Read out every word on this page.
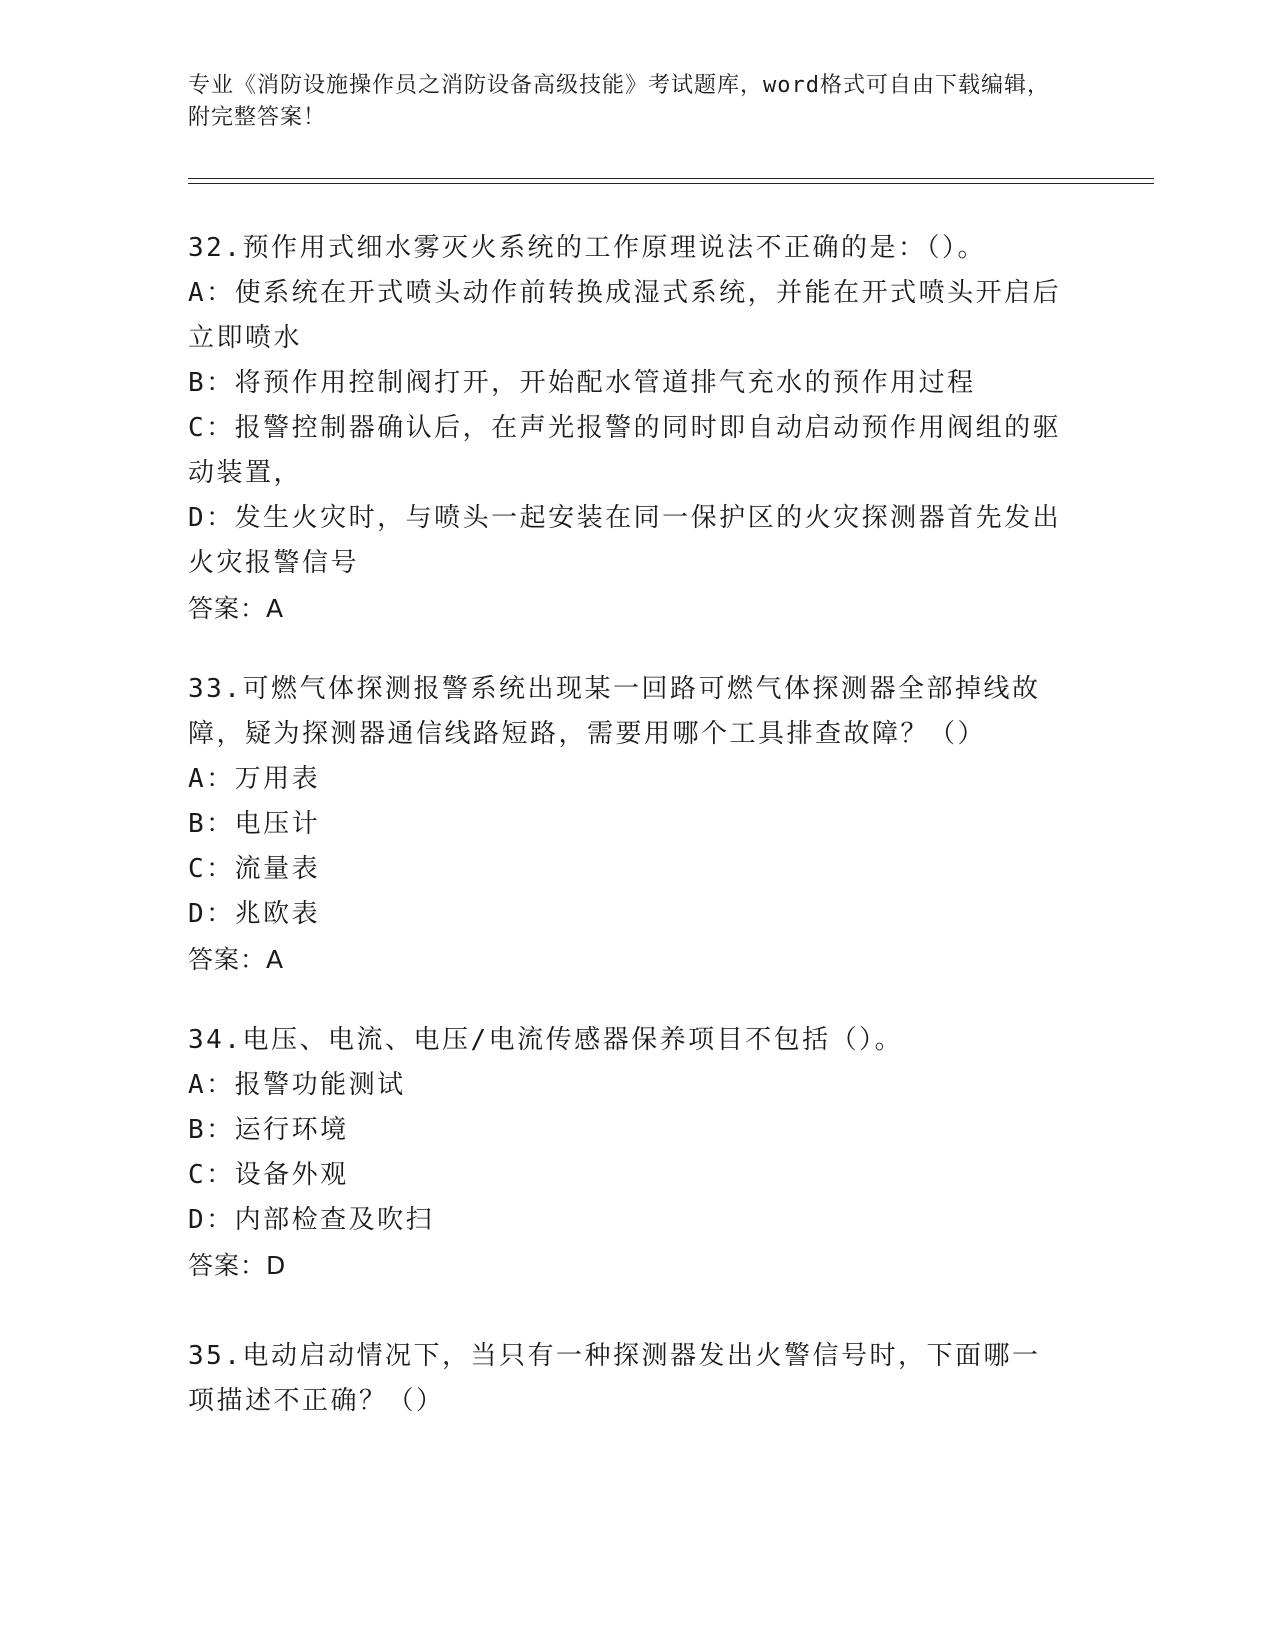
专业《消防设施操作员之消防设备高级技能》考试题库，word格式可自由下载编辑，附完整答案！
32.预作用式细水雾灭火系统的工作原理说法不正确的是：（）。
A：使系统在开式喷头动作前转换成湿式系统，并能在开式喷头开启后立即喷水
B：将预作用控制阀打开，开始配水管道排气充水的预作用过程
C：报警控制器确认后，在声光报警的同时即自动启动预作用阀组的驱动装置，
D：发生火灾时，与喷头一起安装在同一保护区的火灾探测器首先发出火灾报警信号
答案：A
33.可燃气体探测报警系统出现某一回路可燃气体探测器全部掉线故障，疑为探测器通信线路短路，需要用哪个工具排查故障？（）
A：万用表
B：电压计
C：流量表
D：兆欧表
答案：A
34.电压、电流、电压/电流传感器保养项目不包括（）。
A：报警功能测试
B：运行环境
C：设备外观
D：内部检查及吹扫
答案：D
35.电动启动情况下，当只有一种探测器发出火警信号时，下面哪一项描述不正确？（）
